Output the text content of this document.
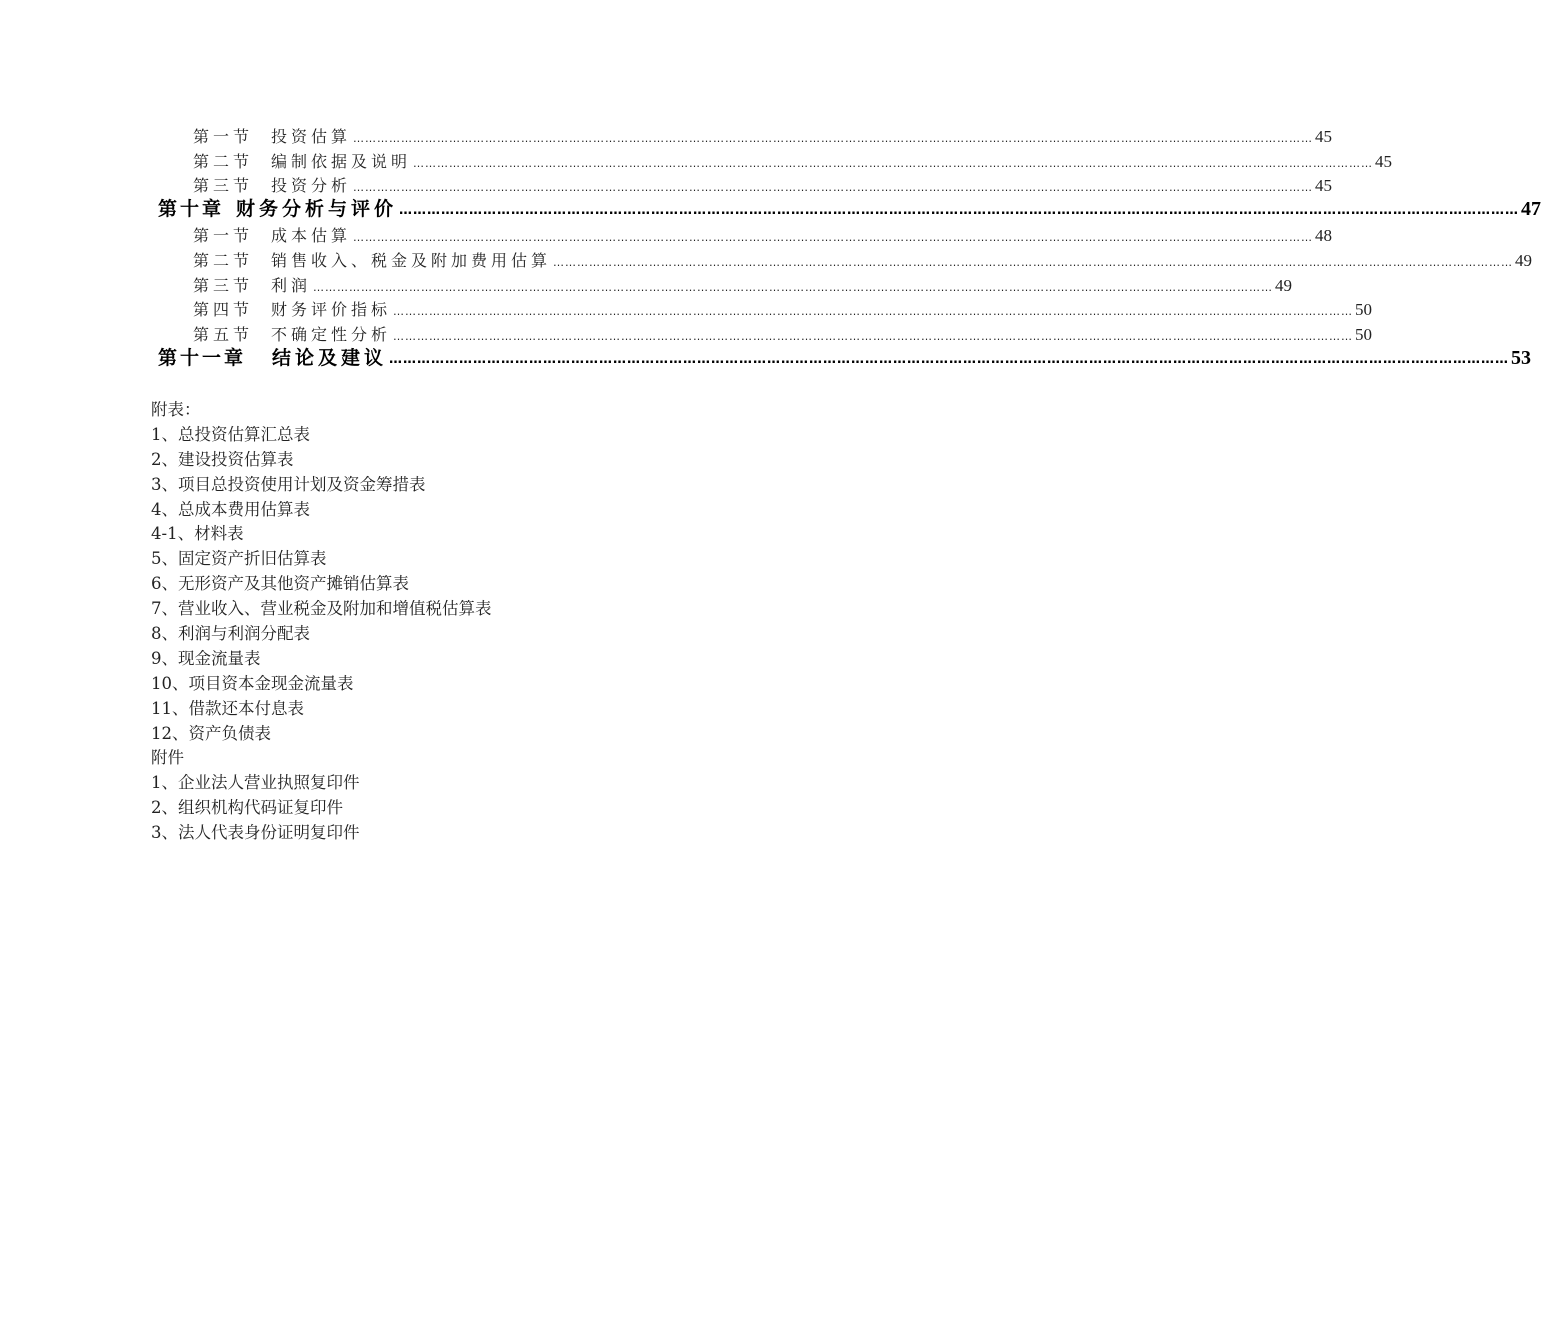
第一节 投资估算 …………………………………………………………………………………………………………………………………………………………………………………………………………………… 45
第二节 编制依据及说明 …………………………………………………………………………………………………………………………………………………………………………………………………………………… 45
第三节 投资分析 …………………………………………………………………………………………………………………………………………………………………………………………………………………… 45
第十章 财务分析与评价 …………………………………………………………………………………………………………………………………………………………………………………………………………………… 47
第一节 成本估算 …………………………………………………………………………………………………………………………………………………………………………………………………………………… 48
第二节 销售收入、税金及附加费用估算 …………………………………………………………………………………………………………………………………………………………………………………………………………………… 49
第三节 利润 …………………………………………………………………………………………………………………………………………………………………………………………………………………… 49
第四节 财务评价指标 …………………………………………………………………………………………………………………………………………………………………………………………………………………… 50
第五节 不确定性分析 …………………………………………………………………………………………………………………………………………………………………………………………………………………… 50
第十一章 结论及建议 …………………………………………………………………………………………………………………………………………………………………………………………………………………… 53
附表：
1、总投资估算汇总表
2、建设投资估算表
3、项目总投资使用计划及资金筹措表
4、总成本费用估算表
4-1、材料表
5、固定资产折旧估算表
6、无形资产及其他资产摊销估算表
7、营业收入、营业税金及附加和增值税估算表
8、利润与利润分配表
9、现金流量表
10、项目资本金现金流量表
11、借款还本付息表
12、资产负债表
附件
1、企业法人营业执照复印件
2、组织机构代码证复印件
3、法人代表身份证明复印件
